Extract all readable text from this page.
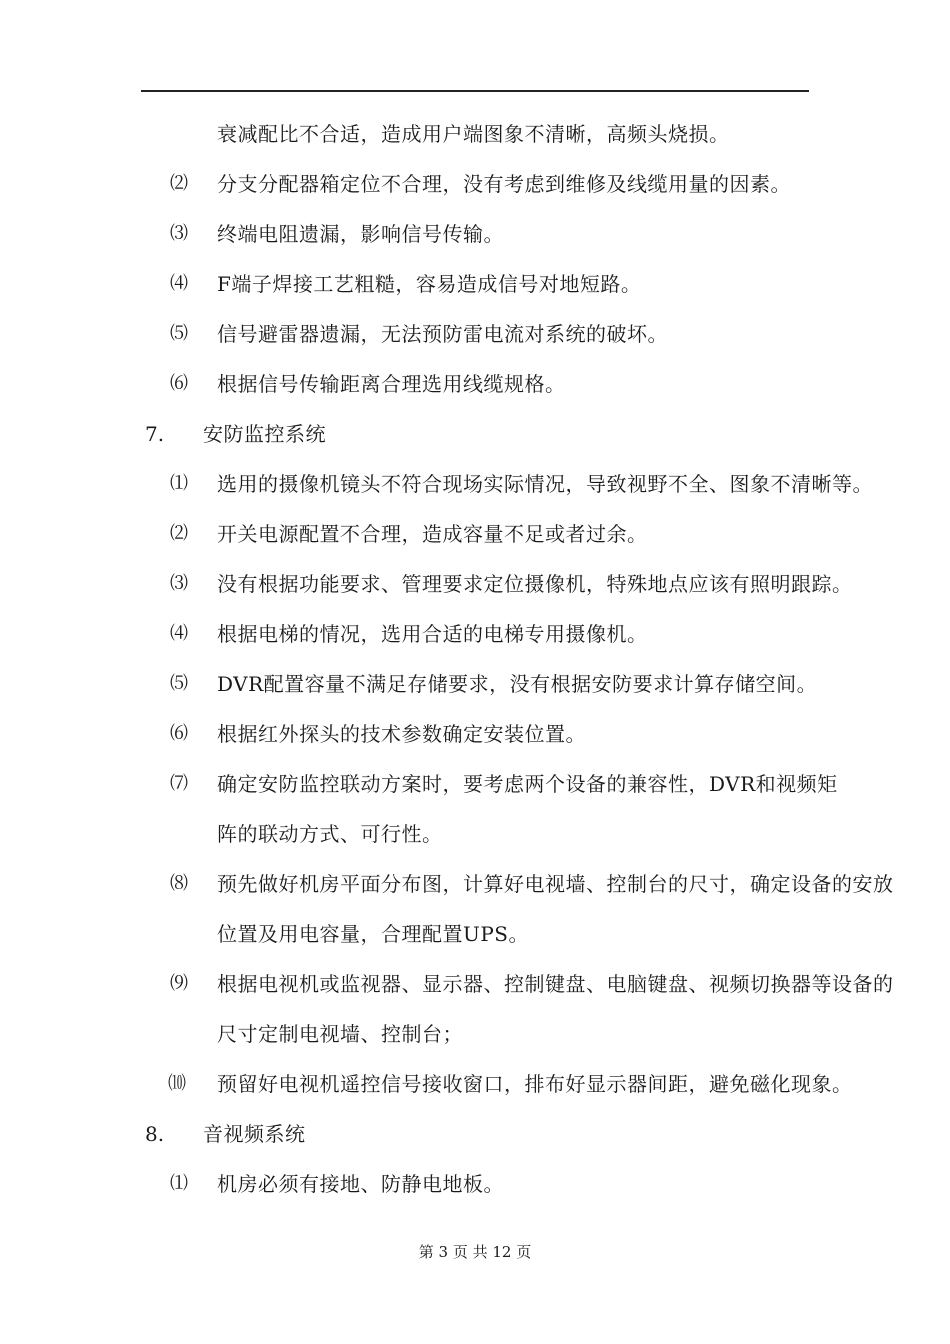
衰减配比不合适，造成用户端图象不清晰，高频头烧损。
⑵ 分支分配器箱定位不合理，没有考虑到维修及线缆用量的因素。
⑶ 终端电阻遗漏，影响信号传输。
⑷ F端子焊接工艺粗糙，容易造成信号对地短路。
⑸ 信号避雷器遗漏，无法预防雷电流对系统的破坏。
⑹ 根据信号传输距离合理选用线缆规格。
7. 安防监控系统
⑴ 选用的摄像机镜头不符合现场实际情况，导致视野不全、图象不清晰等。
⑵ 开关电源配置不合理，造成容量不足或者过余。
⑶ 没有根据功能要求、管理要求定位摄像机，特殊地点应该有照明跟踪。
⑷ 根据电梯的情况，选用合适的电梯专用摄像机。
⑸ DVR配置容量不满足存储要求，没有根据安防要求计算存储空间。
⑹ 根据红外探头的技术参数确定安装位置。
⑺ 确定安防监控联动方案时，要考虑两个设备的兼容性，DVR和视频矩
阵的联动方式、可行性。
⑻ 预先做好机房平面分布图，计算好电视墙、控制台的尺寸，确定设备的安放
位置及用电容量，合理配置UPS。
⑼ 根据电视机或监视器、显示器、控制键盘、电脑键盘、视频切换器等设备的
尺寸定制电视墙、控制台；
⑽ 预留好电视机遥控信号接收窗口，排布好显示器间距，避免磁化现象。
8. 音视频系统
⑴ 机房必须有接地、防静电地板。
第 3 页 共 12 页
